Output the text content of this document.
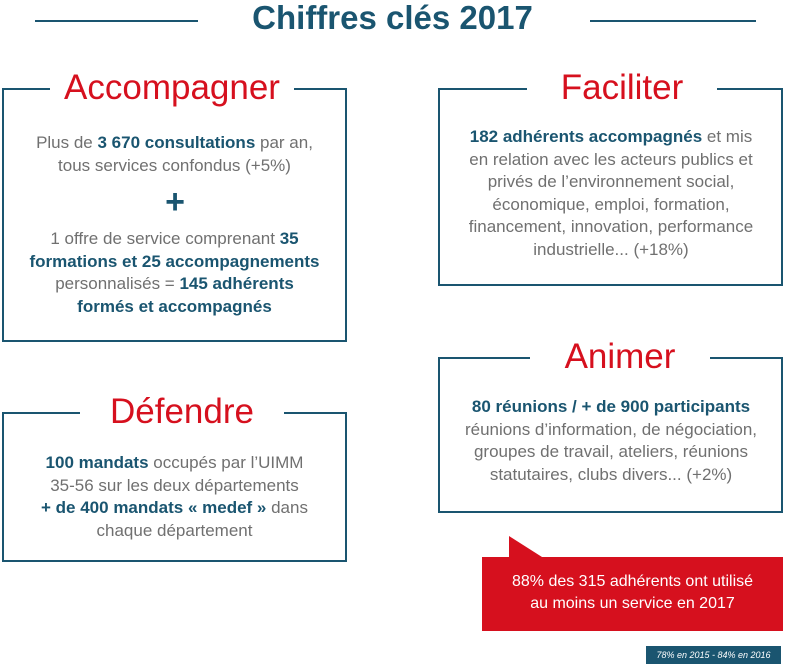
Chiffres clés 2017
Accompagner
Plus de 3 670 consultations par an,
tous services confondus (+5%)
+
1 offre de service comprenant 35
formations et 25 accompagnements
personnalisés = 145 adhérents
formés et accompagnés
Faciliter
182 adhérents accompagnés et mis
en relation avec les acteurs publics et
privés de l’environnement social,
économique, emploi, formation,
financement, innovation, performance
industrielle... (+18%)
Défendre
100 mandats occupés par l’UIMM
35-56 sur les deux départements
+ de 400 mandats « medef » dans
chaque département
Animer
80 réunions / + de 900 participants
réunions d’information, de négociation,
groupes de travail, ateliers, réunions
statutaires, clubs divers... (+2%)
88% des 315 adhérents ont utilisé
au moins un service en 2017
78% en 2015 - 84% en 2016
